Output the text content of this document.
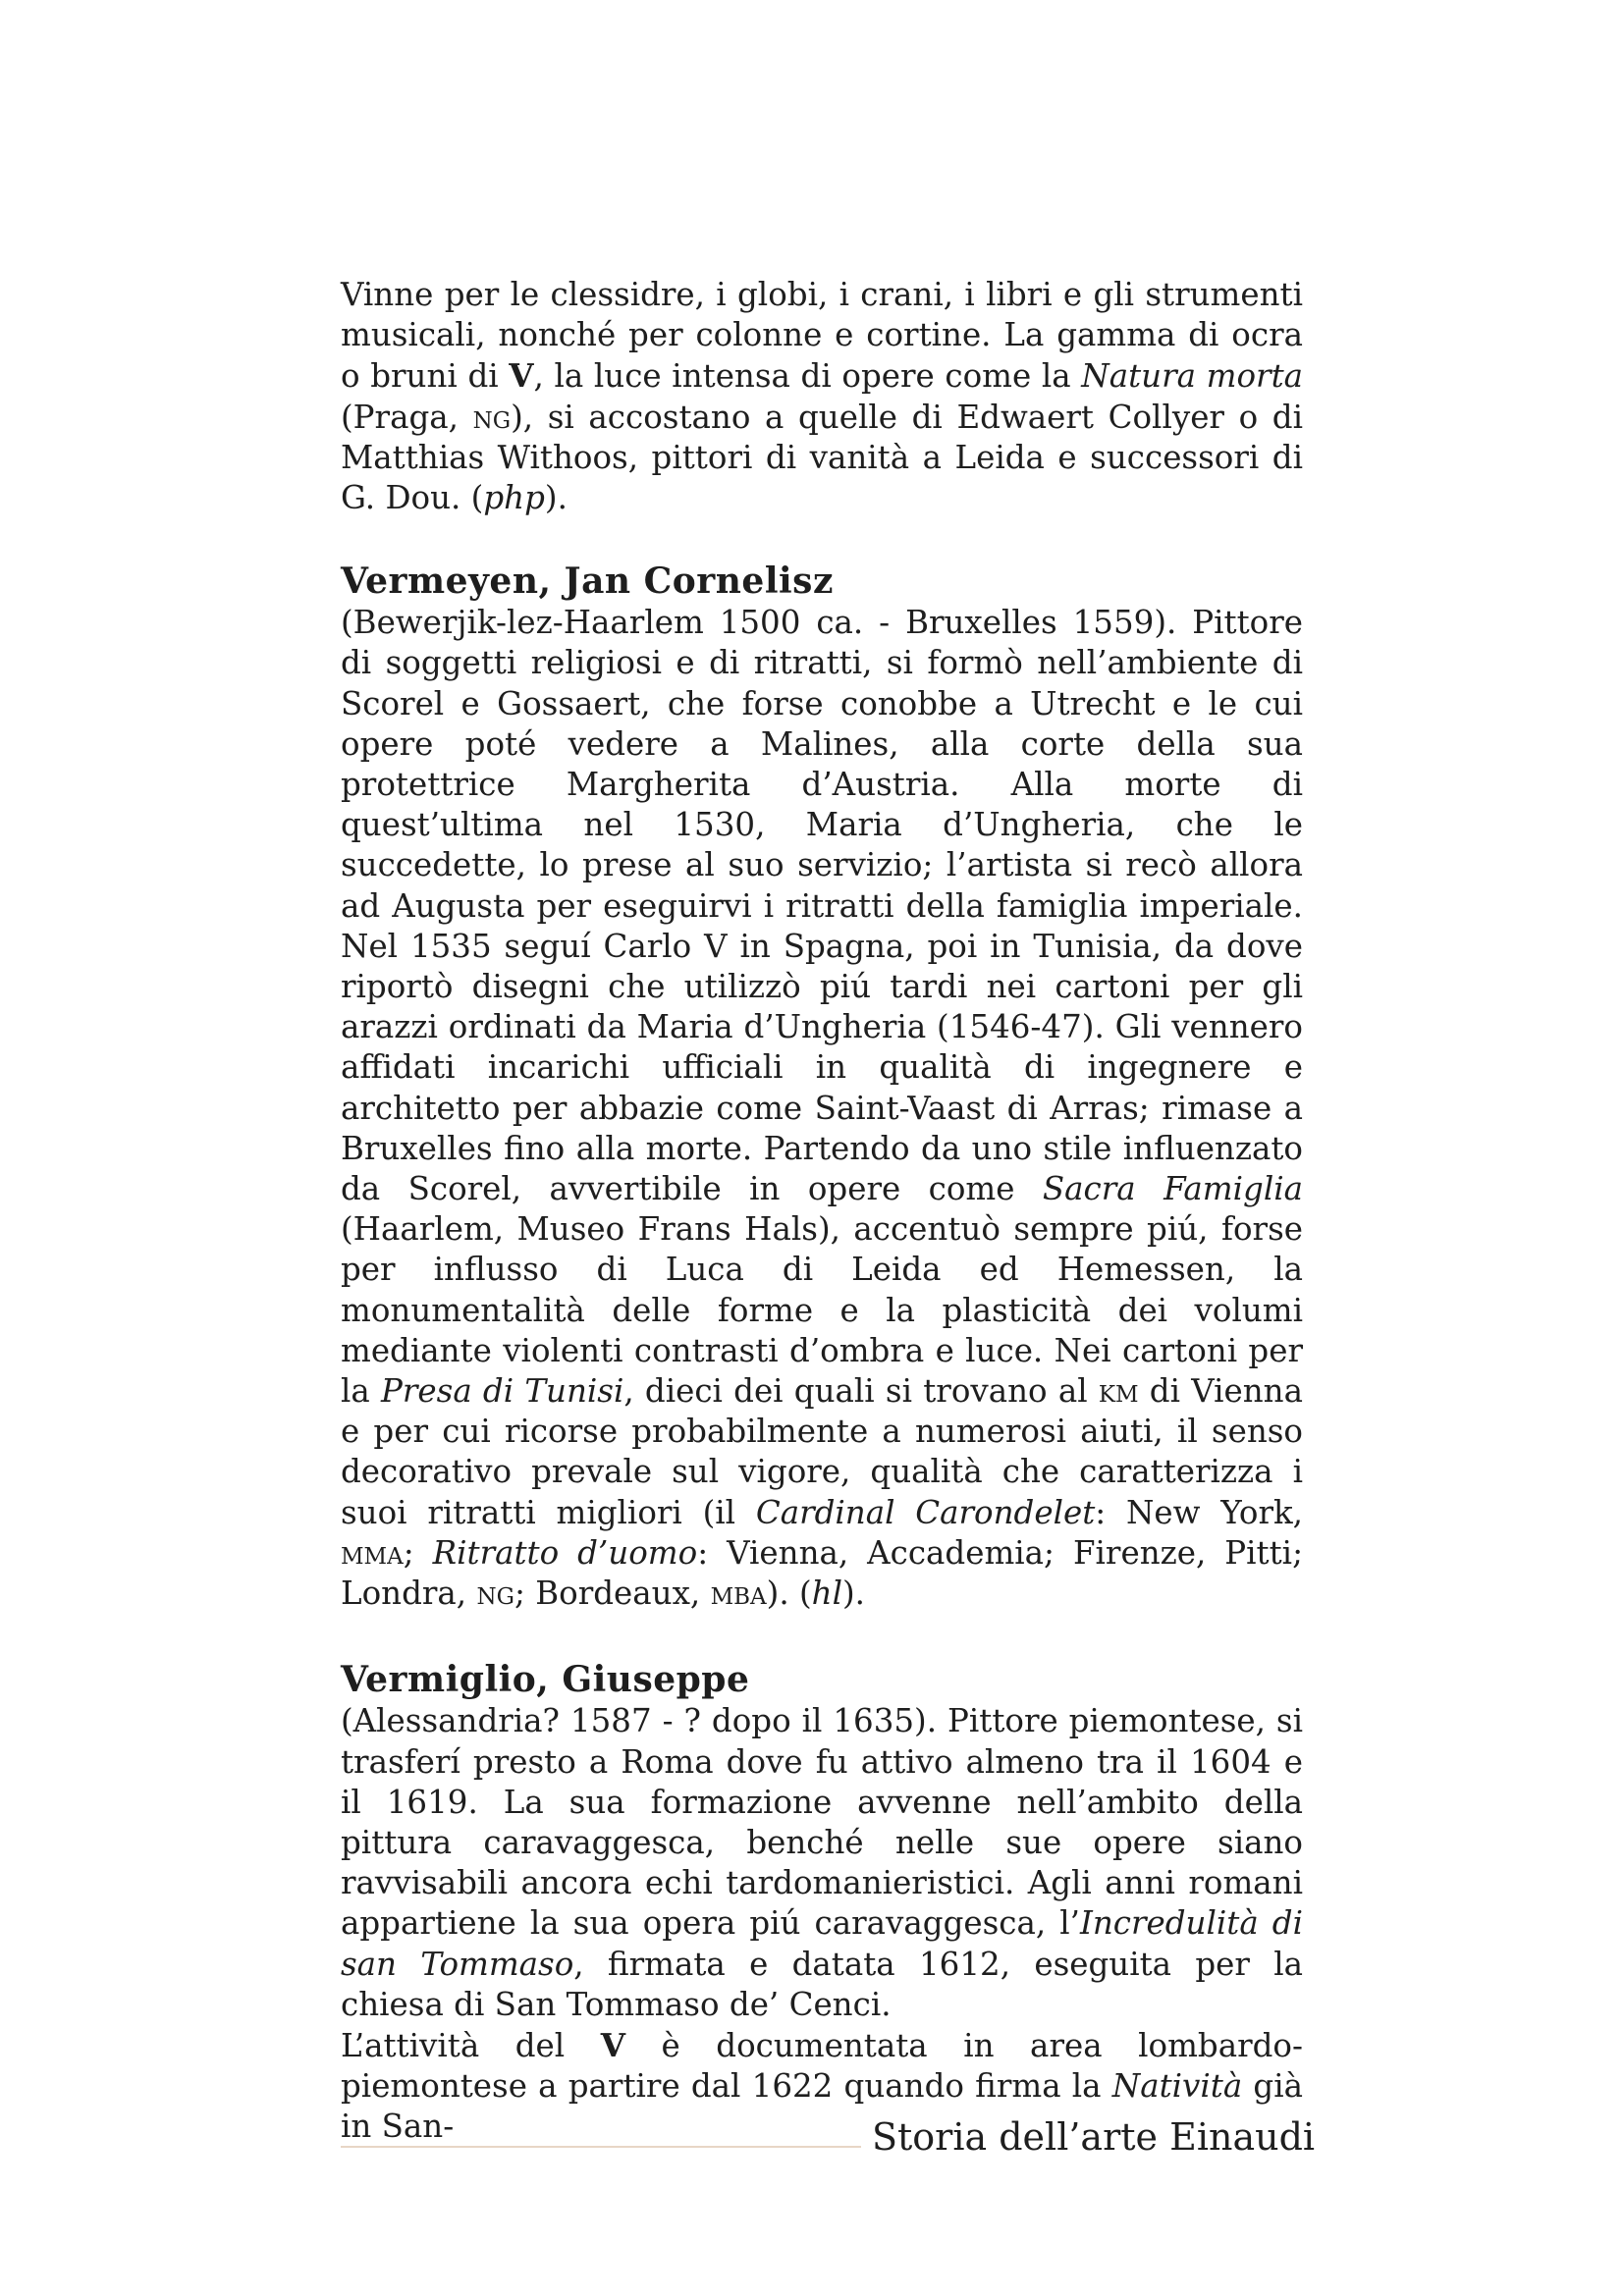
Vinne per le clessidre, i globi, i crani, i libri e gli strumenti musicali, nonché per colonne e cortine. La gamma di ocra o bruni di V, la luce intensa di opere come la Natura morta (Praga, ng), si accostano a quelle di Edwaert Collyer o di Matthias Withoos, pittori di vanità a Leida e successori di G. Dou. (php).

Vermeyen, Jan Cornelisz

(Bewerjik-lez-Haarlem 1500 ca. - Bruxelles 1559). Pittore di soggetti religiosi e di ritratti, si formò nell’ambiente di Scorel e Gossaert, che forse conobbe a Utrecht e le cui opere poté vedere a Malines, alla corte della sua protettrice Margherita d’Austria. Alla morte di quest’ultima nel 1530, Maria d’Ungheria, che le succedette, lo prese al suo servizio; l’artista si recò allora ad Augusta per eseguirvi i ritratti della famiglia imperiale. Nel 1535 seguí Carlo V in Spagna, poi in Tunisia, da dove riportò disegni che utilizzò piú tardi nei cartoni per gli arazzi ordinati da Maria d’Ungheria (1546-47). Gli vennero affidati incarichi ufficiali in qualità di ingegnere e architetto per abbazie come Saint-Vaast di Arras; rimase a Bruxelles fino alla morte. Partendo da uno stile influenzato da Scorel, avvertibile in opere come Sacra Famiglia (Haarlem, Museo Frans Hals), accentuò sempre piú, forse per influsso di Luca di Leida ed Hemessen, la monumentalità delle forme e la plasticità dei volumi mediante violenti contrasti d’ombra e luce. Nei cartoni per la Presa di Tunisi, dieci dei quali si trovano al km di Vienna e per cui ricorse probabilmente a numerosi aiuti, il senso decorativo prevale sul vigore, qualità che caratterizza i suoi ritratti migliori (il Cardinal Carondelet: New York, mma; Ritratto d’uomo: Vienna, Accademia; Firenze, Pitti; Londra, ng; Bordeaux, mba). (hl).

Vermiglio, Giuseppe

(Alessandria? 1587 - ? dopo il 1635). Pittore piemontese, si trasferí presto a Roma dove fu attivo almeno tra il 1604 e il 1619. La sua formazione avvenne nell’ambito della pittura caravaggesca, benché nelle sue opere siano ravvisabili ancora echi tardomanieristici. Agli anni romani appartiene la sua opera piú caravaggesca, l’Incredulità di san Tommaso, firmata e datata 1612, eseguita per la chiesa di San Tommaso de’ Cenci.

L’attività del V è documentata in area lombardo-piemontese a partire dal 1622 quando firma la Natività già in San-	Storia dell’arte Einaudi
